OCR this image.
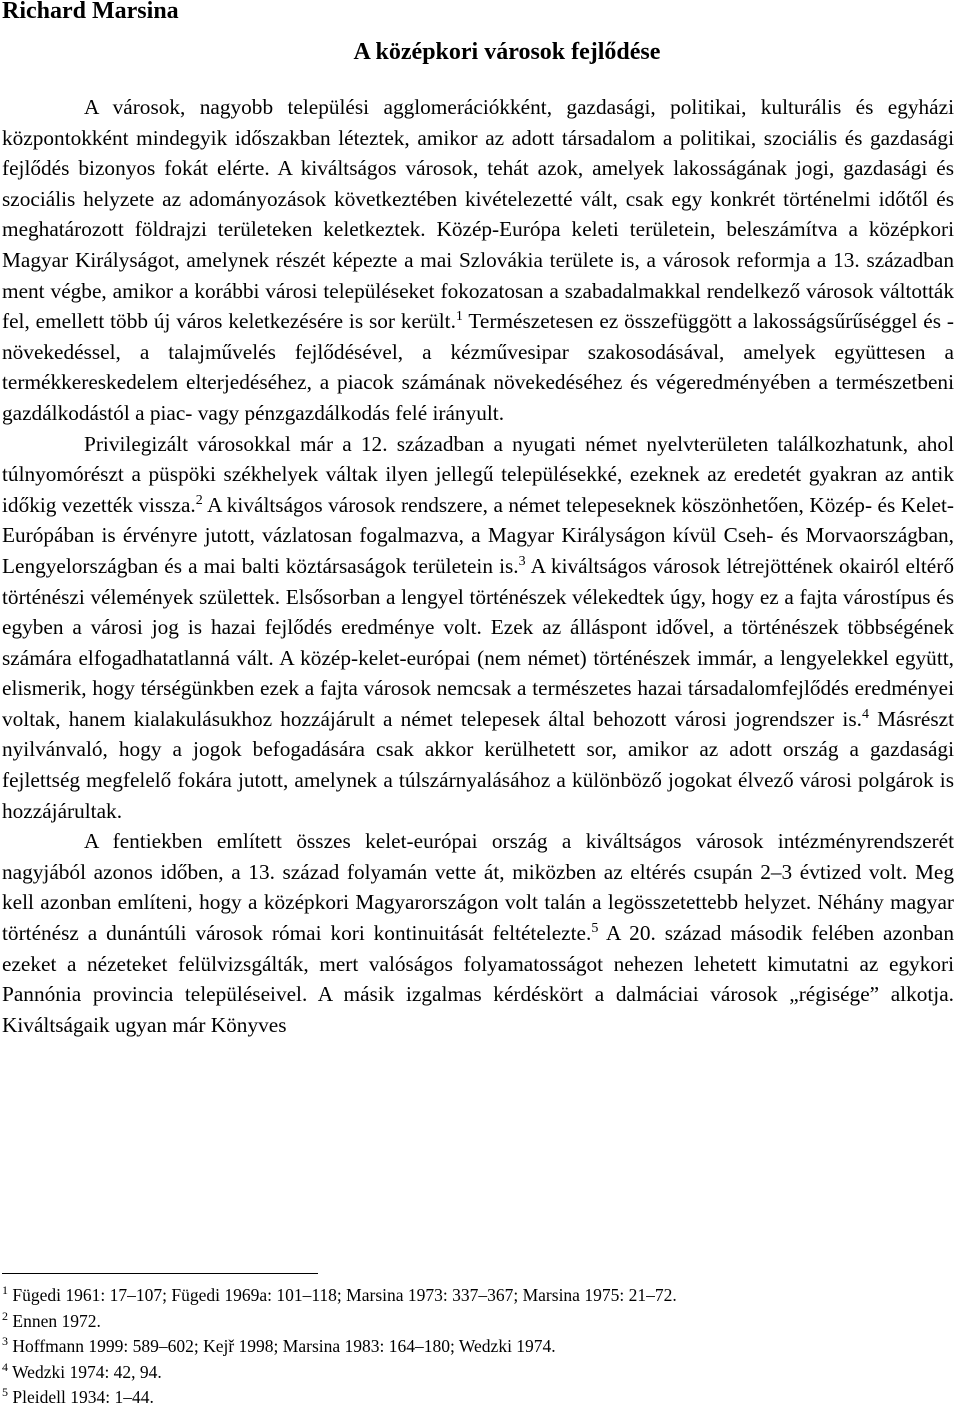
Richard Marsina
A középkori városok fejlődése

A városok, nagyobb települési agglomerációkként, gazdasági, politikai, kulturális és egyházi központokként mindegyik időszakban léteztek, amikor az adott társadalom a politikai, szociális és gazdasági fejlődés bizonyos fokát elérte. A kiváltságos városok, tehát azok, amelyek lakosságának jogi, gazdasági és szociális helyzete az adományozások következtében kivételezetté vált, csak egy konkrét történelmi időtől és meghatározott földrajzi területeken keletkeztek. Közép-Európa keleti területein, beleszámítva a középkori Magyar Királyságot, amelynek részét képezte a mai Szlovákia területe is, a városok reformja a 13. században ment végbe, amikor a korábbi városi településeket fokozatosan a szabadalmakkal rendelkező városok váltották fel, emellett több új város keletkezésére is sor került.$^1$ Természetesen ez összefüggött a lakosságsűrűséggel és -növekedéssel, a talajművelés fejlődésével, a kézművesipar szakosodásával, amelyek együttesen a termékkereskedelem elterjedéséhez, a piacok számának növekedéséhez és végeredményében a természetbeni gazdálkodástól a piac- vagy pénzgazdálkodás felé irányult.

Privilegizált városokkal már a 12. században a nyugati német nyelvterületen találkozhatunk, ahol túlnyomórészt a püspöki székhelyek váltak ilyen jellegű településekké, ezeknek az eredetét gyakran az antik időkig vezették vissza.$^2$ A kiváltságos városok rendszere, a német telepeseknek köszönhetően, Közép- és Kelet-Európában is érvényre jutott, vázlatosan fogalmazva, a Magyar Királyságon kívül Cseh- és Morvaországban, Lengyelországban és a mai balti köztársaságok területein is.$^3$ A kiváltságos városok létrejöttének okairól eltérő történészi vélemények születtek. Elsősorban a lengyel történészek vélekedtek úgy, hogy ez a fajta várostípus és egyben a városi jog is hazai fejlődés eredménye volt. Ezek az álláspont idővel, a történészek többségének számára elfogadhatatlanná vált. A közép-kelet-európai (nem német) történészek immár, a lengyelekkel együtt, elismerik, hogy térségünkben ezek a fajta városok nemcsak a természetes hazai társadalomfejlődés eredményei voltak, hanem kialakulásukhoz hozzájárult a német telepesek által behozott városi jogrendszer is.$^4$ Másrészt nyilvánvaló, hogy a jogok befogadására csak akkor kerülhetett sor, amikor az adott ország a gazdasági fejlettség megfelelő fokára jutott, amelynek a túlszárnyalásához a különböző jogokat élvező városi polgárok is hozzájárultak.

A fentiekben említett összes kelet-európai ország a kiváltságos városok intézményrendszerét nagyjából azonos időben, a 13. század folyamán vette át, miközben az eltérés csupán 2–3 évtized volt. Meg kell azonban említeni, hogy a középkori Magyarországon volt talán a legösszetettebb helyzet. Néhány magyar történész a dunántúli városok római kori kontinuitását feltételezte.$^5$ A 20. század második felében azonban ezeket a nézeteket felülvizsgálták, mert valóságos folyamatosságot nehezen lehetett kimutatni az egykori Pannónia provincia településeivel. A másik izgalmas kérdéskört a dalmáciai városok „régisége” alkotja. Kiváltságaik ugyan már Könyves

$^1$ Fügedi 1961: 17–107; Fügedi 1969a: 101–118; Marsina 1973: 337–367; Marsina 1975: 21–72.

$^2$ Ennen 1972.

$^3$ Hoffmann 1999: 589–602; Kejř 1998; Marsina 1983: 164–180; Wedzki 1974.

$^4$ Wedzki 1974: 42, 94.

$^5$ Pleidell 1934: 1–44.
